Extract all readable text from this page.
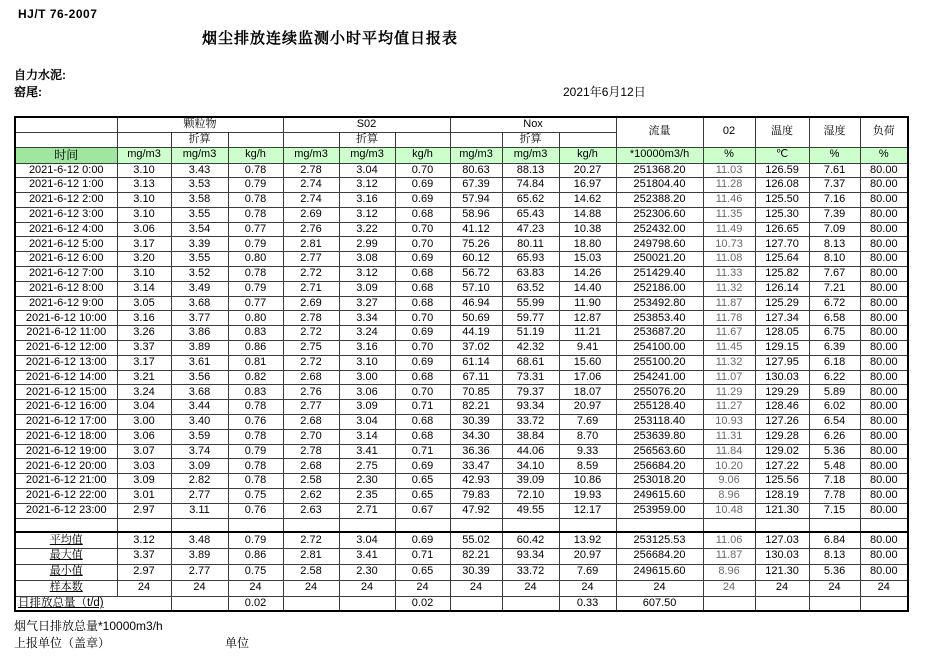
HJ/T 76-2007
烟尘排放连续监测小时平均值日报表
自力水泥:
窑尾:	2021年6月12日
	颗粒物			S02			Nox			流量	02	温度	湿度	负荷
		折算			折算			折算						
时间	mg/m3	mg/m3	kg/h	mg/m3	mg/m3	kg/h	mg/m3	mg/m3	kg/h	*10000m3/h	%	℃	%	%
2021-6-12 0:00	3.10	3.43	0.78	2.78	3.04	0.70	80.63	88.13	20.27	251368.20	11.03	126.59	7.61	80.00
2021-6-12 1:00	3.13	3.53	0.79	2.74	3.12	0.69	67.39	74.84	16.97	251804.40	11.28	126.08	7.37	80.00
2021-6-12 2:00	3.10	3.58	0.78	2.74	3.16	0.69	57.94	65.62	14.62	252388.20	11.46	125.50	7.16	80.00
2021-6-12 3:00	3.10	3.55	0.78	2.69	3.12	0.68	58.96	65.43	14.88	252306.60	11.35	125.30	7.39	80.00
2021-6-12 4:00	3.06	3.54	0.77	2.76	3.22	0.70	41.12	47.23	10.38	252432.00	11.49	126.65	7.09	80.00
2021-6-12 5:00	3.17	3.39	0.79	2.81	2.99	0.70	75.26	80.11	18.80	249798.60	10.73	127.70	8.13	80.00
2021-6-12 6:00	3.20	3.55	0.80	2.77	3.08	0.69	60.12	65.93	15.03	250021.20	11.08	125.64	8.10	80.00
2021-6-12 7:00	3.10	3.52	0.78	2.72	3.12	0.68	56.72	63.83	14.26	251429.40	11.33	125.82	7.67	80.00
2021-6-12 8:00	3.14	3.49	0.79	2.71	3.09	0.68	57.10	63.52	14.40	252186.00	11.32	126.14	7.21	80.00
2021-6-12 9:00	3.05	3.68	0.77	2.69	3.27	0.68	46.94	55.99	11.90	253492.80	11.87	125.29	6.72	80.00
2021-6-12 10:00	3.16	3.77	0.80	2.78	3.34	0.70	50.69	59.77	12.87	253853.40	11.78	127.34	6.58	80.00
2021-6-12 11:00	3.26	3.86	0.83	2.72	3.24	0.69	44.19	51.19	11.21	253687.20	11.67	128.05	6.75	80.00
2021-6-12 12:00	3.37	3.89	0.86	2.75	3.16	0.70	37.02	42.32	9.41	254100.00	11.45	129.15	6.39	80.00
2021-6-12 13:00	3.17	3.61	0.81	2.72	3.10	0.69	61.14	68.61	15.60	255100.20	11.32	127.95	6.18	80.00
2021-6-12 14:00	3.21	3.56	0.82	2.68	3.00	0.68	67.11	73.31	17.06	254241.00	11.07	130.03	6.22	80.00
2021-6-12 15:00	3.24	3.68	0.83	2.76	3.06	0.70	70.85	79.37	18.07	255076.20	11.29	129.29	5.89	80.00
2021-6-12 16:00	3.04	3.44	0.78	2.77	3.09	0.71	82.21	93.34	20.97	255128.40	11.27	128.46	6.02	80.00
2021-6-12 17:00	3.00	3.40	0.76	2.68	3.04	0.68	30.39	33.72	7.69	253118.40	10.93	127.26	6.54	80.00
2021-6-12 18:00	3.06	3.59	0.78	2.70	3.14	0.68	34.30	38.84	8.70	253639.80	11.31	129.28	6.26	80.00
2021-6-12 19:00	3.07	3.74	0.79	2.78	3.41	0.71	36.36	44.06	9.33	256563.60	11.84	129.02	5.36	80.00
2021-6-12 20:00	3.03	3.09	0.78	2.68	2.75	0.69	33.47	34.10	8.59	256684.20	10.20	127.22	5.48	80.00
2021-6-12 21:00	3.09	2.82	0.78	2.58	2.30	0.65	42.93	39.09	10.86	253018.20	9.06	125.56	7.18	80.00
2021-6-12 22:00	3.01	2.77	0.75	2.62	2.35	0.65	79.83	72.10	19.93	249615.60	8.96	128.19	7.78	80.00
2021-6-12 23:00	2.97	3.11	0.76	2.63	2.71	0.67	47.92	49.55	12.17	253959.00	10.48	121.30	7.15	80.00

平均值	3.12	3.48	0.79	2.72	3.04	0.69	55.02	60.42	13.92	253125.53	11.06	127.03	6.84	80.00
最大值	3.37	3.89	0.86	2.81	3.41	0.71	82.21	93.34	20.97	256684.20	11.87	130.03	8.13	80.00
最小值	2.97	2.77	0.75	2.58	2.30	0.65	30.39	33.72	7.69	249615.60	8.96	121.30	5.36	80.00
样本数	24	24	24	24	24	24	24	24	24	24	24	24	24	24
日排放总量（t/d)			0.02			0.02			0.33	607.50				
烟气日排放总量*10000m3/h
上报单位（盖章）	单位
